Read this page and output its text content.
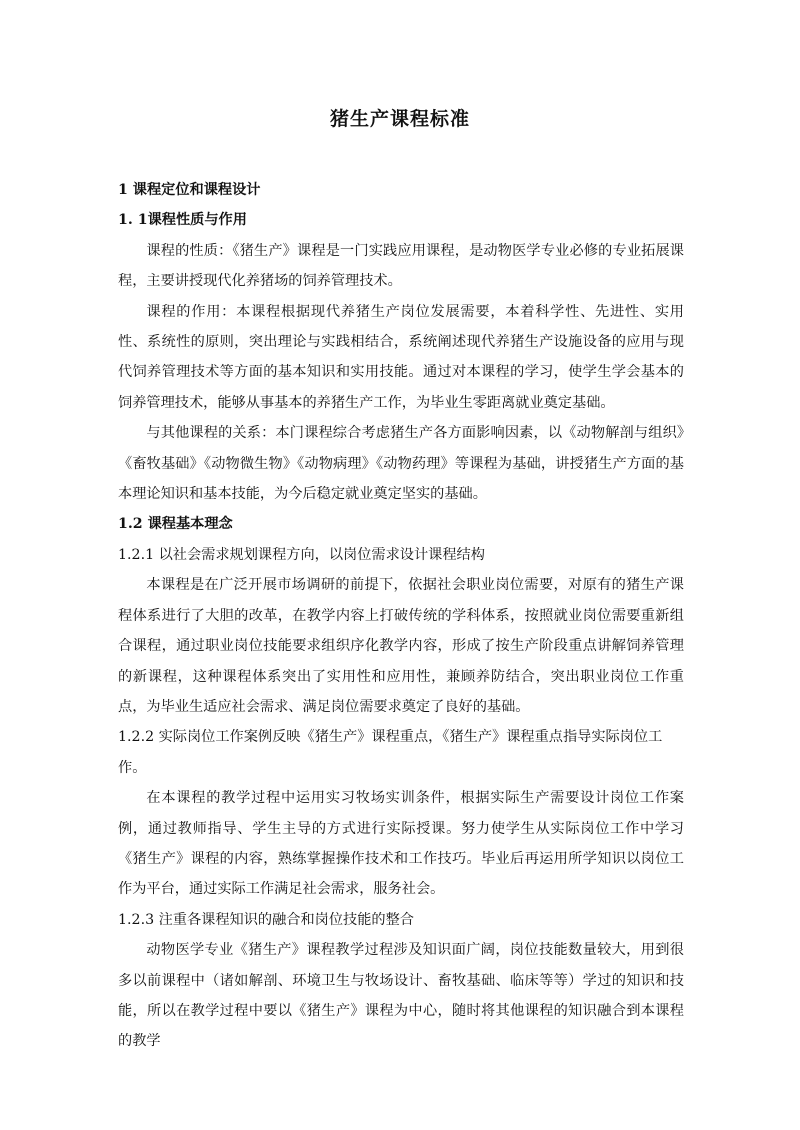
猪生产课程标准
1 课程定位和课程设计
1. 1课程性质与作用

课程的性质：《猪生产》课程是一门实践应用课程，是动物医学专业必修的专业拓展课程，主要讲授现代化养猪场的饲养管理技术。

课程的作用：本课程根据现代养猪生产岗位发展需要，本着科学性、先进性、实用性、系统性的原则，突出理论与实践相结合，系统阐述现代养猪生产设施设备的应用与现代饲养管理技术等方面的基本知识和实用技能。通过对本课程的学习，使学生学会基本的饲养管理技术，能够从事基本的养猪生产工作，为毕业生零距离就业奠定基础。

与其他课程的关系：本门课程综合考虑猪生产各方面影响因素，以《动物解剖与组织》《畜牧基础》《动物微生物》《动物病理》《动物药理》等课程为基础，讲授猪生产方面的基本理论知识和基本技能，为今后稳定就业奠定坚实的基础。

1.2 课程基本理念
1.2.1 以社会需求规划课程方向，以岗位需求设计课程结构

本课程是在广泛开展市场调研的前提下，依据社会职业岗位需要，对原有的猪生产课程体系进行了大胆的改革，在教学内容上打破传统的学科体系，按照就业岗位需要重新组合课程，通过职业岗位技能要求组织序化教学内容，形成了按生产阶段重点讲解饲养管理的新课程，这种课程体系突出了实用性和应用性，兼顾养防结合，突出职业岗位工作重点，为毕业生适应社会需求、满足岗位需要求奠定了良好的基础。

1.2.2 实际岗位工作案例反映《猪生产》课程重点，《猪生产》课程重点指导实际岗位工作。

在本课程的教学过程中运用实习牧场实训条件，根据实际生产需要设计岗位工作案例，通过教师指导、学生主导的方式进行实际授课。努力使学生从实际岗位工作中学习《猪生产》课程的内容，熟练掌握操作技术和工作技巧。毕业后再运用所学知识以岗位工作为平台，通过实际工作满足社会需求，服务社会。

1.2.3 注重各课程知识的融合和岗位技能的整合

动物医学专业《猪生产》课程教学过程涉及知识面广阔，岗位技能数量较大，用到很多以前课程中（诸如解剖、环境卫生与牧场设计、畜牧基础、临床等等）学过的知识和技能，所以在教学过程中要以《猪生产》课程为中心，随时将其他课程的知识融合到本课程的教学
